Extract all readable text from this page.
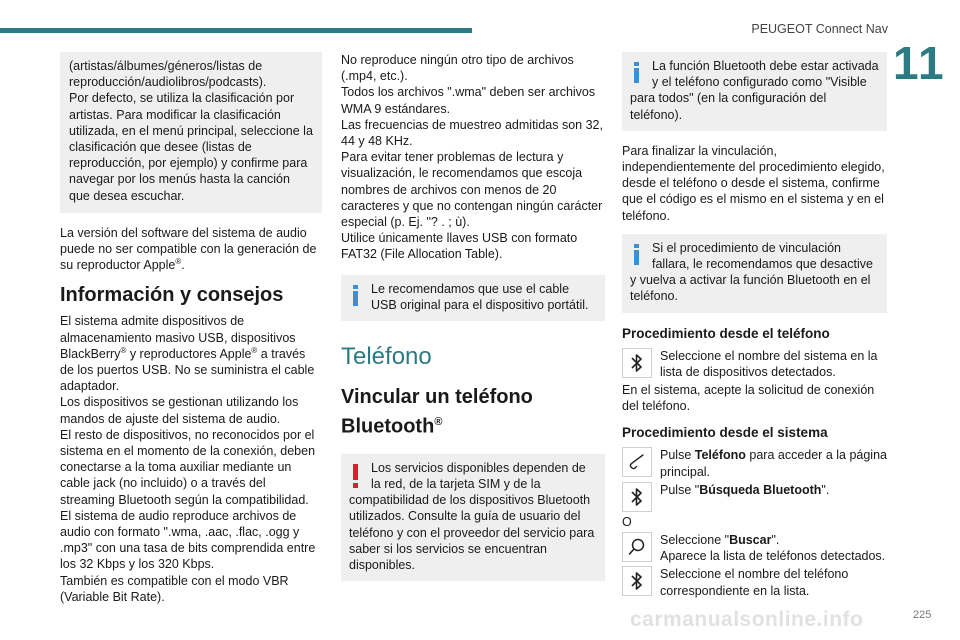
PEUGEOT Connect Nav
11
(artistas/álbumes/géneros/listas de reproducción/audiolibros/podcasts).
Por defecto, se utiliza la clasificación por artistas. Para modificar la clasificación utilizada, en el menú principal, seleccione la clasificación que desee (listas de reproducción, por ejemplo) y confirme para navegar por los menús hasta la canción que desea escuchar.

La versión del software del sistema de audio puede no ser compatible con la generación de su reproductor Apple®.

Información y consejos

El sistema admite dispositivos de almacenamiento masivo USB, dispositivos BlackBerry® y reproductores Apple® a través de los puertos USB. No se suministra el cable adaptador.
Los dispositivos se gestionan utilizando los mandos de ajuste del sistema de audio.
El resto de dispositivos, no reconocidos por el sistema en el momento de la conexión, deben conectarse a la toma auxiliar mediante un cable jack (no incluido) o a través del streaming Bluetooth según la compatibilidad.
El sistema de audio reproduce archivos de audio con formato ".wma, .aac, .flac, .ogg y .mp3" con una tasa de bits comprendida entre los 32 Kbps y los 320 Kbps.
También es compatible con el modo VBR (Variable Bit Rate).

No reproduce ningún otro tipo de archivos (.mp4, etc.).
Todos los archivos ".wma" deben ser archivos WMA 9 estándares.
Las frecuencias de muestreo admitidas son 32, 44 y 48 KHz.
Para evitar tener problemas de lectura y visualización, le recomendamos que escoja nombres de archivos con menos de 20 caracteres y que no contengan ningún carácter especial (p. Ej. "? . ; ù).
Utilice únicamente llaves USB con formato FAT32 (File Allocation Table).

Le recomendamos que use el cable USB original para el dispositivo portátil.
Teléfono
Vincular un teléfono Bluetooth®
Los servicios disponibles dependen de la red, de la tarjeta SIM y de la compatibilidad de los dispositivos Bluetooth utilizados. Consulte la guía de usuario del teléfono y con el proveedor del servicio para saber si los servicios se encuentran disponibles.
La función Bluetooth debe estar activada y el teléfono configurado como "Visible para todos" (en la configuración del teléfono).

Para finalizar la vinculación, independientemente del procedimiento elegido, desde el teléfono o desde el sistema, confirme que el código es el mismo en el sistema y en el teléfono.

Si el procedimiento de vinculación fallara, le recomendamos que desactive y vuelva a activar la función Bluetooth en el teléfono.
Procedimiento desde el teléfono
Seleccione el nombre del sistema en la lista de dispositivos detectados.

En el sistema, acepte la solicitud de conexión del teléfono.

Procedimiento desde el sistema
Pulse Teléfono para acceder a la página principal.
Pulse "Búsqueda Bluetooth".

O

Seleccione "Buscar".
Aparece la lista de teléfonos detectados.
Seleccione el nombre del teléfono correspondiente en la lista.
carmanualsonline.info	225
